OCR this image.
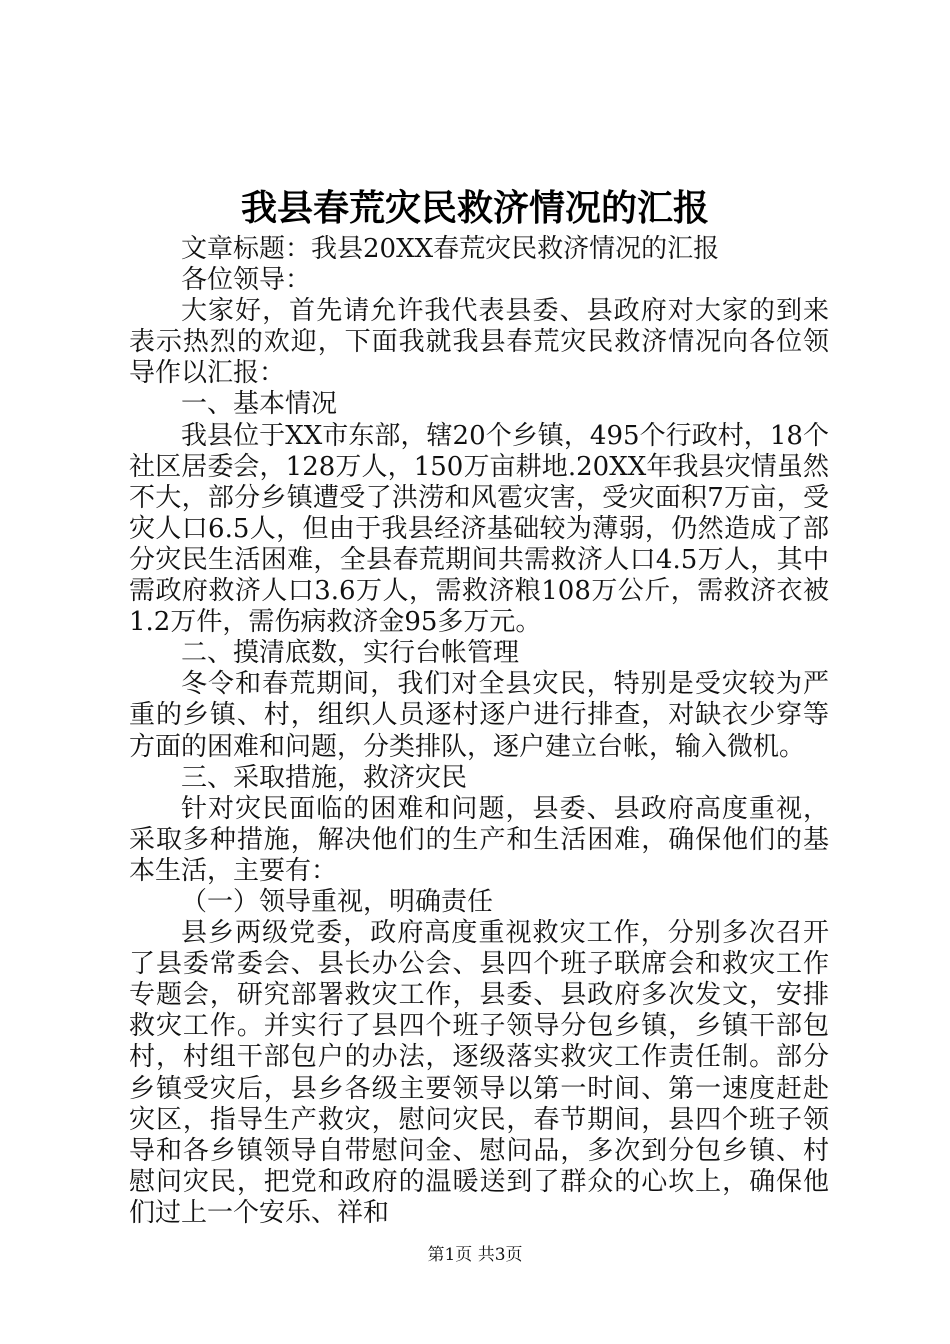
我县春荒灾民救济情况的汇报

文章标题：我县20XX春荒灾民救济情况的汇报

各位领导：

大家好，首先请允许我代表县委、县政府对大家的到来表示热烈的欢迎，下面我就我县春荒灾民救济情况向各位领导作以汇报：

一、基本情况

我县位于XX市东部，辖20个乡镇，495个行政村，18个社区居委会，128万人，150万亩耕地.20XX年我县灾情虽然不大，部分乡镇遭受了洪涝和风雹灾害，受灾面积7万亩，受灾人口6.5人，但由于我县经济基础较为薄弱，仍然造成了部分灾民生活困难，全县春荒期间共需救济人口4.5万人，其中需政府救济人口3.6万人，需救济粮108万公斤，需救济衣被1.2万件，需伤病救济金95多万元。

二、摸清底数，实行台帐管理

冬令和春荒期间，我们对全县灾民，特别是受灾较为严重的乡镇、村，组织人员逐村逐户进行排查，对缺衣少穿等方面的困难和问题，分类排队，逐户建立台帐，输入微机。

三、采取措施，救济灾民

针对灾民面临的困难和问题，县委、县政府高度重视，采取多种措施，解决他们的生产和生活困难，确保他们的基本生活，主要有：

（一）领导重视，明确责任

县乡两级党委，政府高度重视救灾工作，分别多次召开了县委常委会、县长办公会、县四个班子联席会和救灾工作专题会，研究部署救灾工作，县委、县政府多次发文，安排救灾工作。并实行了县四个班子领导分包乡镇，乡镇干部包村，村组干部包户的办法，逐级落实救灾工作责任制。部分乡镇受灾后，县乡各级主要领导以第一时间、第一速度赶赴灾区，指导生产救灾，慰问灾民，春节期间，县四个班子领导和各乡镇领导自带慰问金、慰问品，多次到分包乡镇、村慰问灾民，把党和政府的温暖送到了群众的心坎上，确保他们过上一个安乐、祥和

第1页 共3页
